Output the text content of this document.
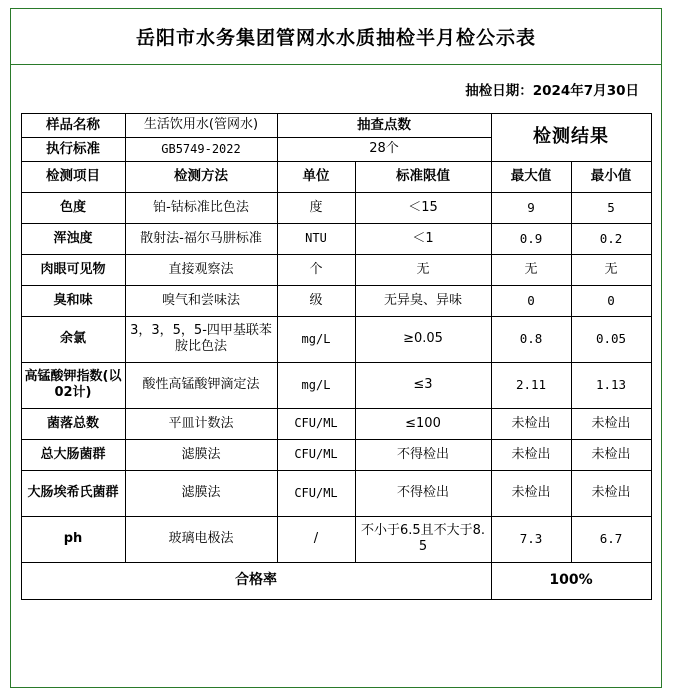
岳阳市水务集团管网水水质抽检半月检公示表
抽检日期：2024年7月30日
样品名称	生活饮用水(管网水)	抽查点数		检测结果	
执行标准	GB5749-2022	28个			
检测项目	检测方法	单位	标准限值	最大值	最小值
色度	铂-钴标准比色法	度	＜15	9	5
浑浊度	散射法-福尔马肼标准	NTU	＜1	0.9	0.2
肉眼可见物	直接观察法	个	无	无	无
臭和味	嗅气和尝味法	级	无异臭、异味	0	0
余氯	3，3，5，5-四甲基联苯胺比色法	mg/L	≥0.05	0.8	0.05
高锰酸钾指数(以02计)	酸性高锰酸钾滴定法	mg/L	≤3	2.11	1.13
菌落总数	平皿计数法	CFU/ML	≤100	未检出	未检出
总大肠菌群	滤膜法	CFU/ML	不得检出	未检出	未检出
大肠埃希氏菌群	滤膜法	CFU/ML	不得检出	未检出	未检出
ph	玻璃电极法	/	不小于6.5且不大于8.5	7.3	6.7
合格率				100%	
